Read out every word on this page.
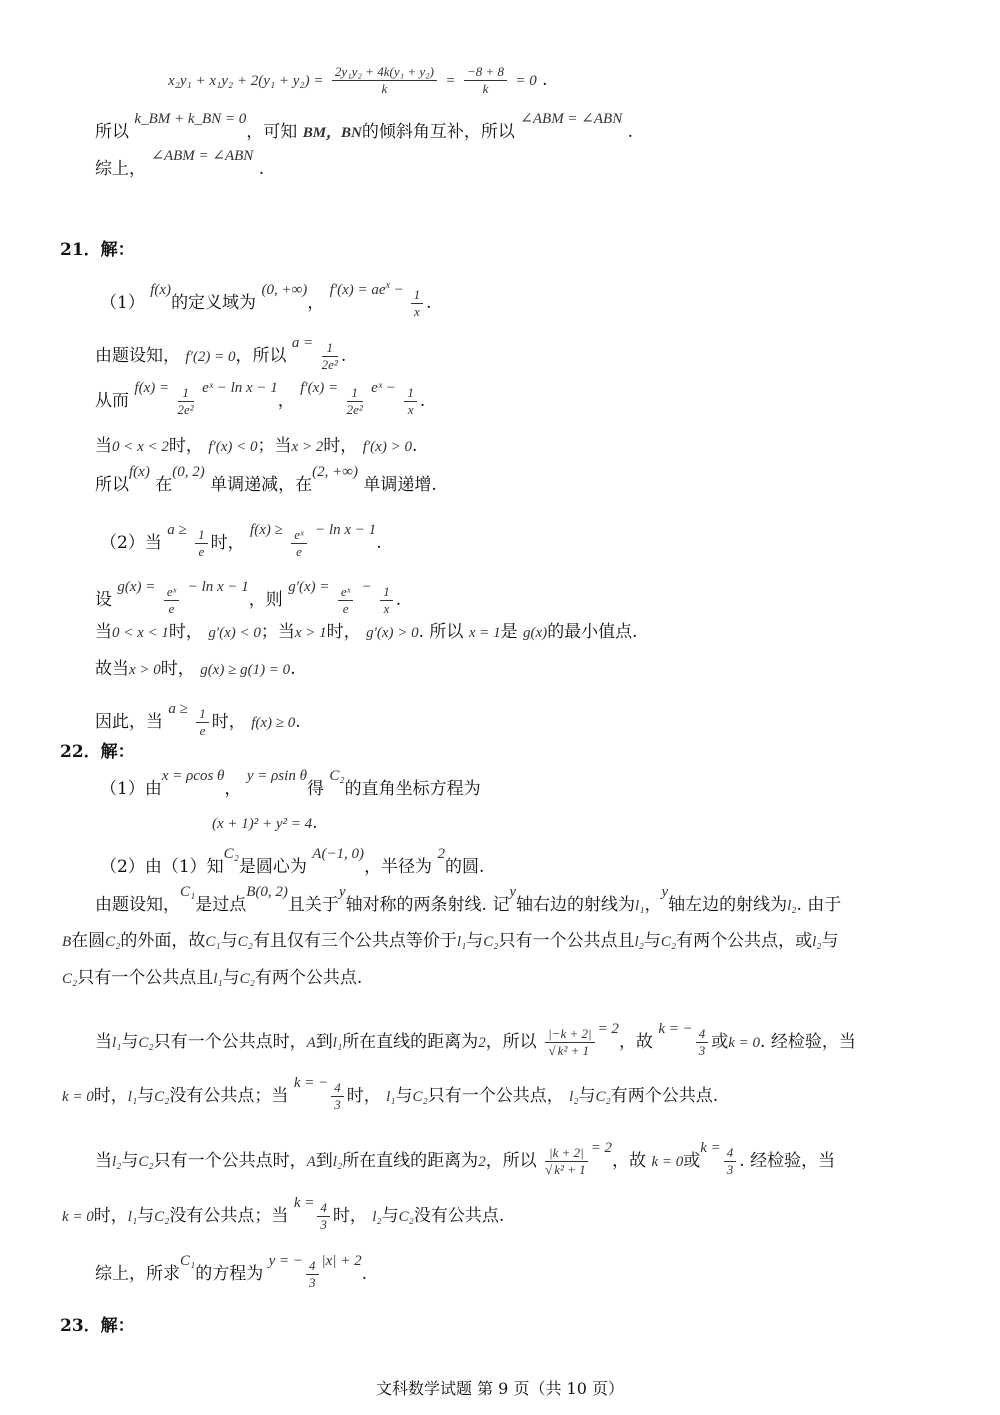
$x_2y_1 + x_1y_2 + 2(y_1 + y_2) = \frac{\text{2y₁y₂ + 4k(y₁ + y₂)}}{k} = \frac{-8 + 8}{k} = 0$ .
所以 k_BM + k_BN = 0，可知 BM，BN的倾斜角互补，所以 ∠ABM = ∠ABN .
综上， ∠ABM = ∠ABN .
21．解：
（1） f(x)的定义域为 (0, +∞)， $f'(x) = ae^x - \frac{1}{x}$ .
由题设知， f′(2) = 0，所以 $a = \frac{1}{\text{2e²}}$ .
从而 $f(x) = \frac{1}{\text{2e²}}$ eˣ − ln x − 1， $f'(x) = \frac{1}{\text{2e²}}$ eˣ − $\frac{1}{x}$ .
当0 < x < 2时， f′(x) < 0；当x > 2时， f′(x) > 0.
所以f(x) 在(0, 2) 单调递减，在(2, +∞) 单调递增.
（2）当 $a \ge \frac{1}{e}$ 时， $f(x) \ge \frac{\text{eˣ}}{e} - \ln x - 1$.
设 $g(x) = \frac{\text{eˣ}}{e} - \ln x - 1$，则 $g'(x) = \frac{\text{eˣ}}{e} - \frac{1}{x}$ .
当0 < x < 1时， g′(x) < 0；当x > 1时， g′(x) > 0. 所以 x = 1是 g(x)的最小值点.
故当x > 0时， g(x) ≥ g(1) = 0.
因此，当 $a \ge \frac{1}{e}$ 时， f(x) ≥ 0.
22．解：
（1）由x = ρcos θ， y = ρsin θ得 C₂的直角坐标方程为
(x + 1)² + y² = 4.
（2）由（1）知C₂是圆心为 A(−1, 0)，半径为 2的圆.
由题设知，C₁是过点B(0, 2)且关于y轴对称的两条射线. 记y轴右边的射线为l₁，y轴左边的射线为l₂. 由于
B在圆C₂的外面，故C₁与C₂有且仅有三个公共点等价于l₁与C₂只有一个公共点且l₂与C₂有两个公共点，或l₂与
C₂只有一个公共点且l₁与C₂有两个公共点.
当l₁与C₂只有一个公共点时，A到l₁所在直线的距离为2，所以 $\frac{|-k + 2|}{\text{√ k² + 1}} = 2$，故 k = − $\frac{4}{3}$ 或k = 0. 经检验，当
k = 0时，l₁与C₂没有公共点；当 k = − $\frac{4}{3}$ 时， l₁与C₂只有一个公共点， l₂与C₂有两个公共点.
当l₂与C₂只有一个公共点时，A到l₂所在直线的距离为2，所以 $\frac{|k + 2|}{\text{√ k² + 1}} = 2$，故 k = 0或$k = \frac{4}{3}$ . 经检验，当
k = 0时，l₁与C₂没有公共点；当 $k = \frac{4}{3}$ 时， l₂与C₂没有公共点.
综上，所求C₁的方程为 y = − $\frac{4}{3} |x| + 2$.
23．解：
文科数学试题 第 9 页（共 10 页）
